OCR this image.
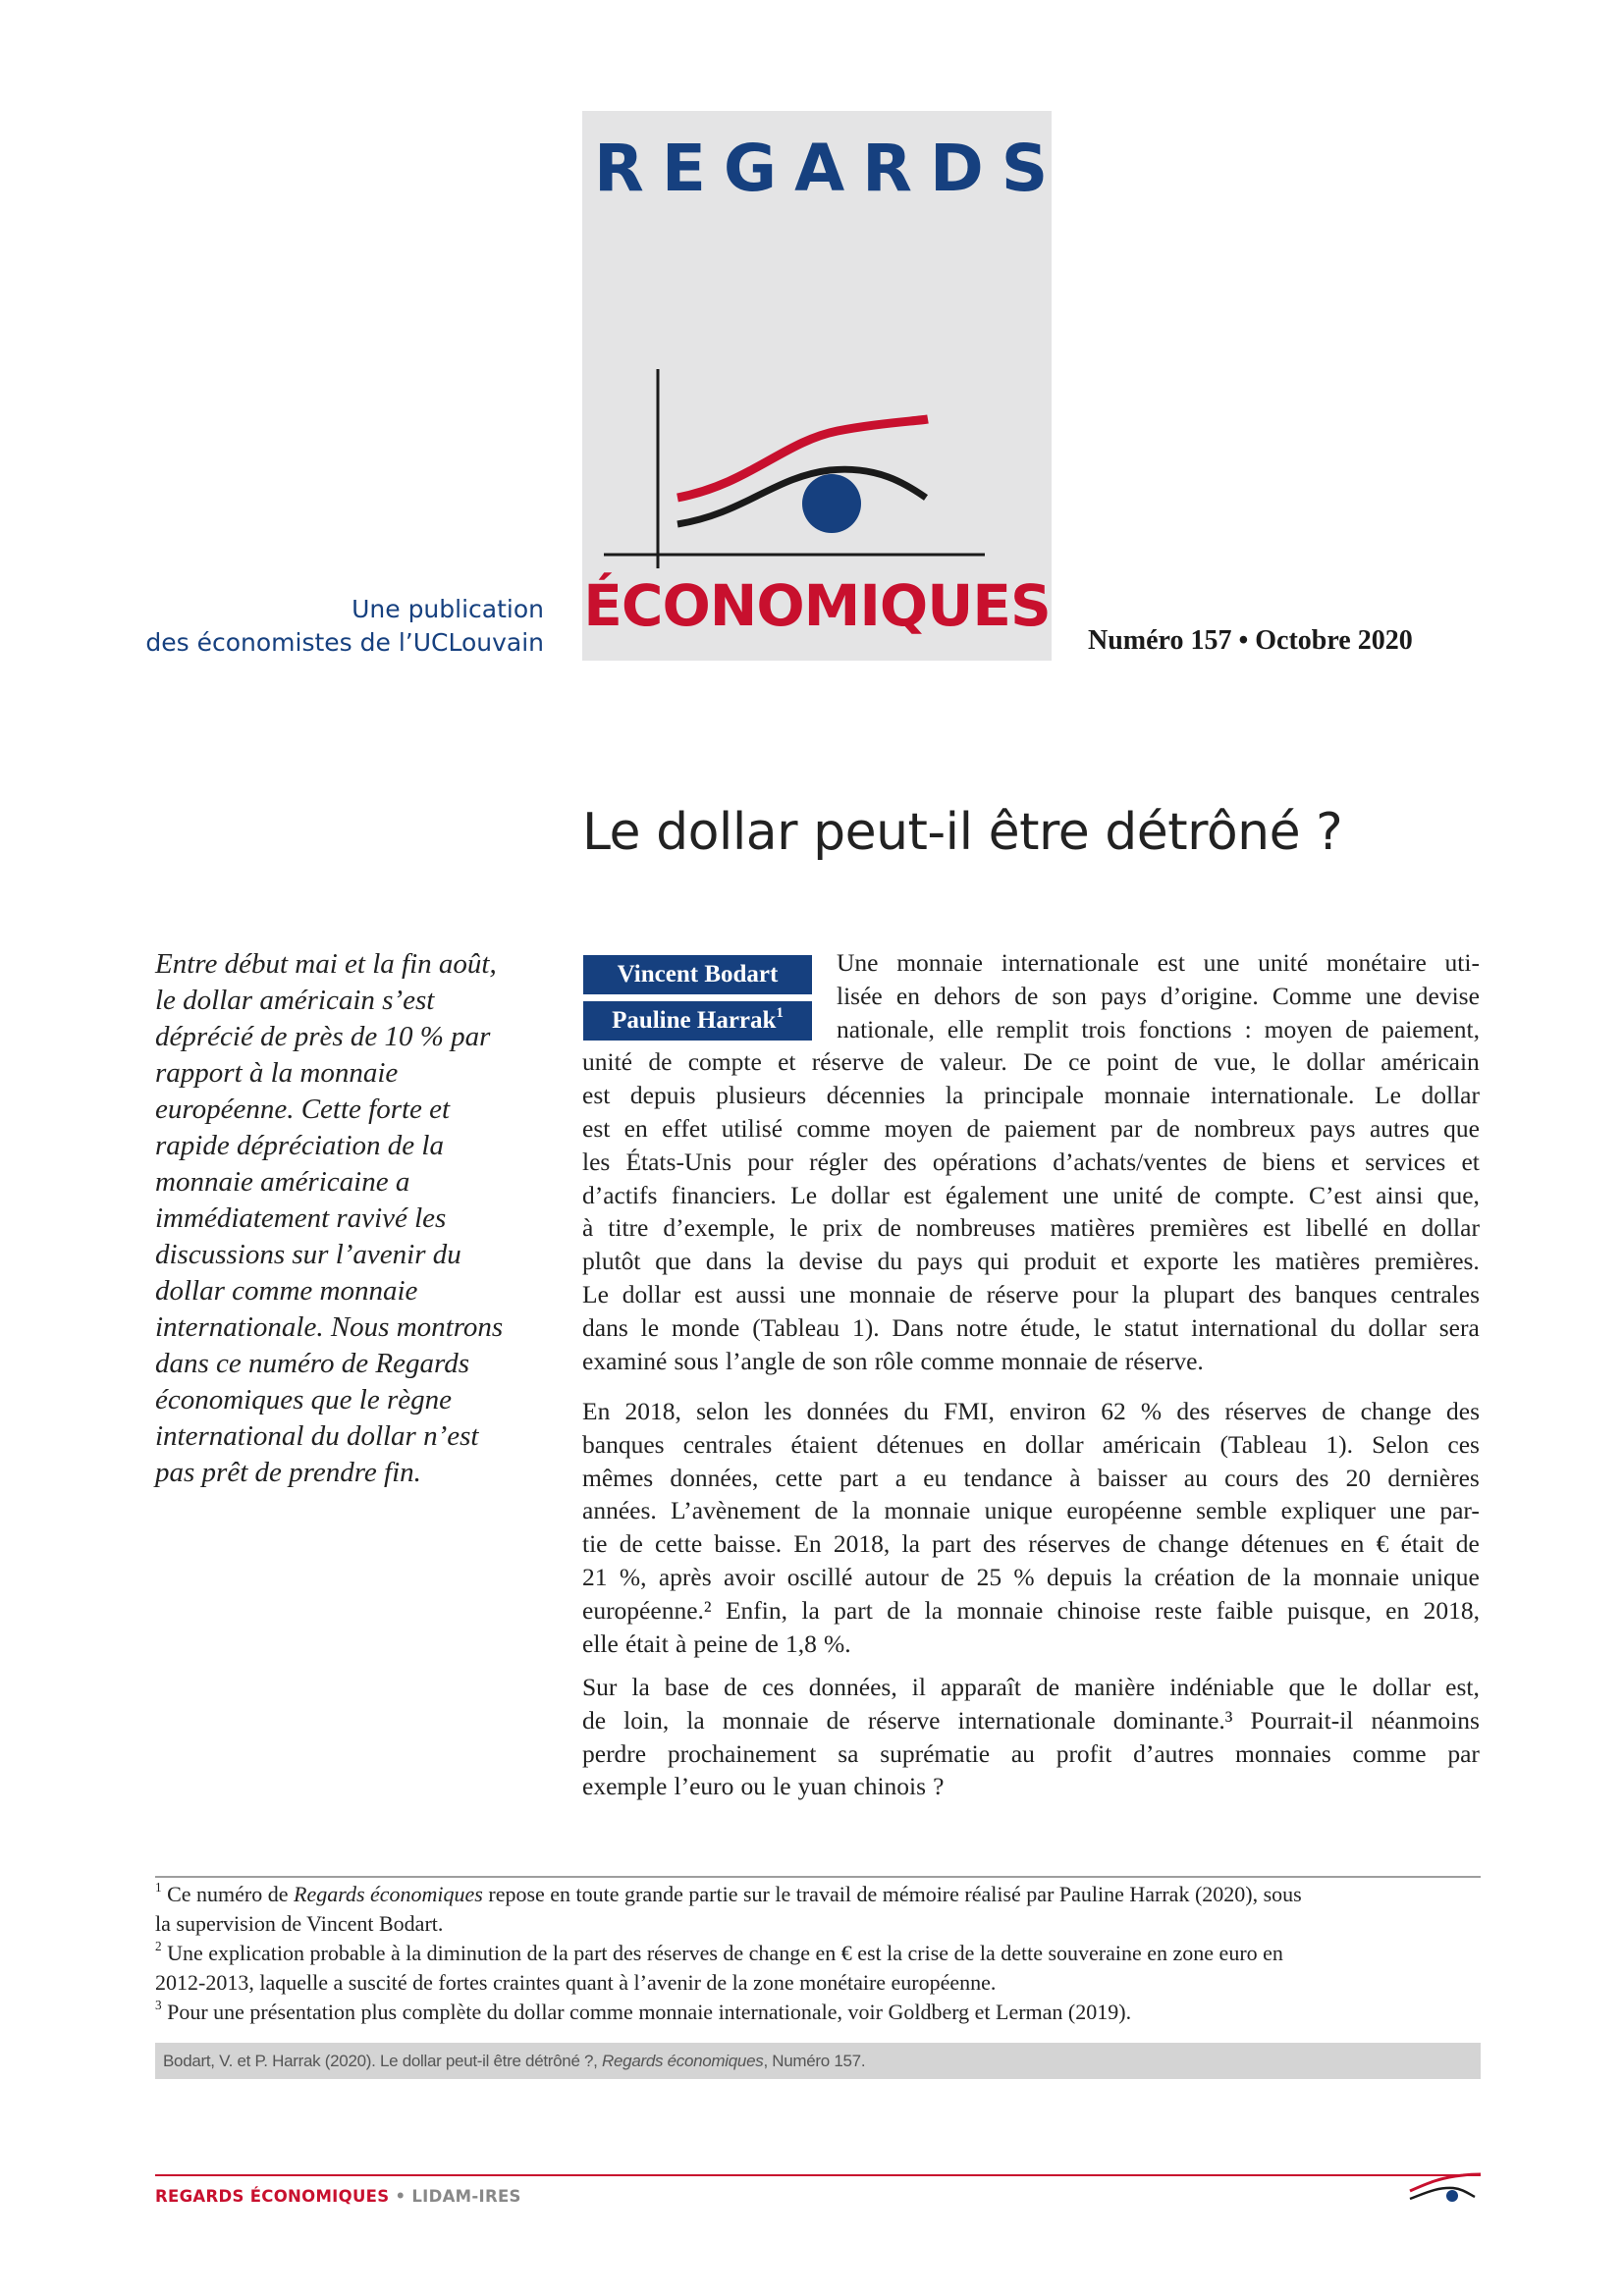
REGARDS
ÉCONOMIQUES
Une publication
des économistes de l’UCLouvain	Numéro 157 • Octobre 2020
Le dollar peut-il être détrôné ?
Entre début mai et la fin août,
le dollar américain s’est
déprécié de près de 10 % par
rapport à la monnaie
européenne. Cette forte et
rapide dépréciation de la
monnaie américaine a
immédiatement ravivé les
discussions sur l’avenir du
dollar comme monnaie
internationale. Nous montrons
dans ce numéro de Regards
économiques que le règne
international du dollar n’est
pas prêt de prendre fin.
Vincent Bodart
Pauline Harrak$^1$
Une monnaie internationale est une unité monétaire uti-
lisée en dehors de son pays d’origine. Comme une devise
nationale, elle remplit trois fonctions : moyen de paiement,
unité de compte et réserve de valeur. De ce point de vue, le dollar américain
est depuis plusieurs décennies la principale monnaie internationale. Le dollar
est en effet utilisé comme moyen de paiement par de nombreux pays autres que
les États-Unis pour régler des opérations d’achats/ventes de biens et services et
d’actifs financiers. Le dollar est également une unité de compte. C’est ainsi que,
à titre d’exemple, le prix de nombreuses matières premières est libellé en dollar
plutôt que dans la devise du pays qui produit et exporte les matières premières.
Le dollar est aussi une monnaie de réserve pour la plupart des banques centrales
dans le monde (Tableau 1). Dans notre étude, le statut international du dollar sera
examiné sous l’angle de son rôle comme monnaie de réserve.
En 2018, selon les données du FMI, environ 62 % des réserves de change des
banques centrales étaient détenues en dollar américain (Tableau 1). Selon ces
mêmes données, cette part a eu tendance à baisser au cours des 20 dernières
années. L’avènement de la monnaie unique européenne semble expliquer une par-
tie de cette baisse. En 2018, la part des réserves de change détenues en € était de
21 %, après avoir oscillé autour de 25 % depuis la création de la monnaie unique
européenne.² Enfin, la part de la monnaie chinoise reste faible puisque, en 2018,
elle était à peine de 1,8 %.
Sur la base de ces données, il apparaît de manière indéniable que le dollar est,
de loin, la monnaie de réserve internationale dominante.³ Pourrait-il néanmoins
perdre prochainement sa suprématie au profit d’autres monnaies comme par
exemple l’euro ou le yuan chinois ?
$^1$ Ce numéro de Regards économiques repose en toute grande partie sur le travail de mémoire réalisé par Pauline Harrak (2020), sous
la supervision de Vincent Bodart.
$^2$ Une explication probable à la diminution de la part des réserves de change en € est la crise de la dette souveraine en zone euro en
2012-2013, laquelle a suscité de fortes craintes quant à l’avenir de la zone monétaire européenne.
$^3$ Pour une présentation plus complète du dollar comme monnaie internationale, voir Goldberg et Lerman (2019).
Bodart, V. et P. Harrak (2020). Le dollar peut-il être détrôné ?, Regards économiques, Numéro 157.
REGARDS ÉCONOMIQUES • LIDAM-IRES
